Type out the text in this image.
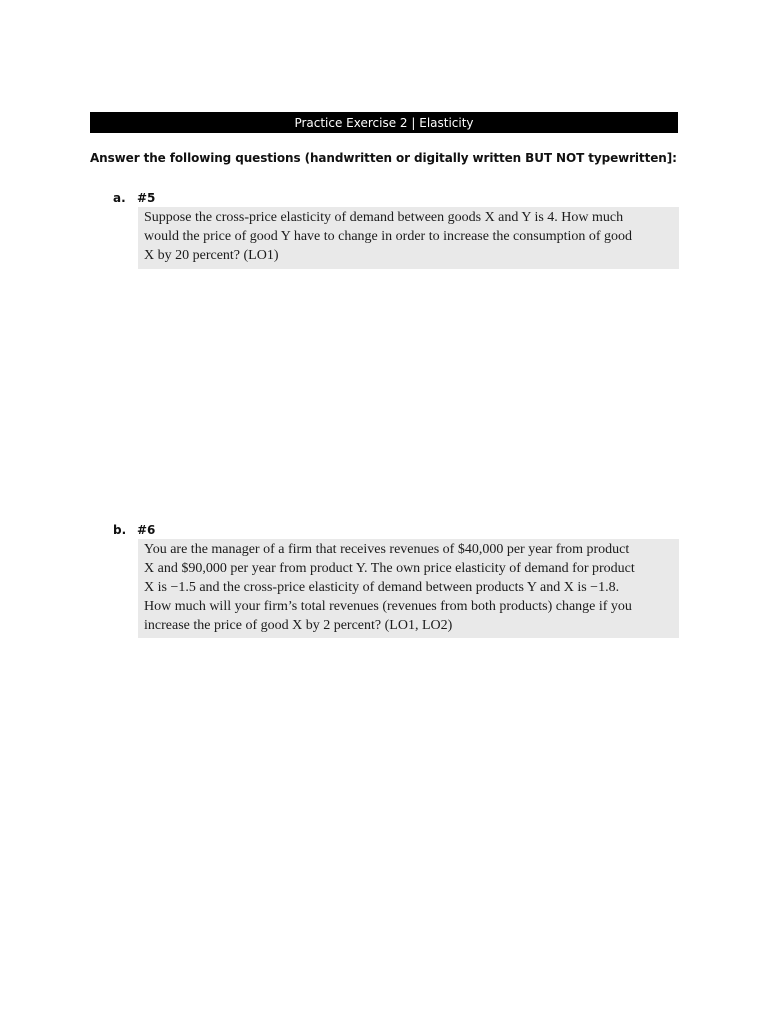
Practice Exercise 2 | Elasticity
Answer the following questions (handwritten or digitally written BUT NOT typewritten]:
a. #5
Suppose the cross-price elasticity of demand between goods X and Y is 4. How much
would the price of good Y have to change in order to increase the consumption of good
X by 20 percent? (LO1)
b. #6
You are the manager of a firm that receives revenues of $40,000 per year from product
X and $90,000 per year from product Y. The own price elasticity of demand for product
X is −1.5 and the cross-price elasticity of demand between products Y and X is −1.8.
How much will your firm’s total revenues (revenues from both products) change if you
increase the price of good X by 2 percent? (LO1, LO2)
